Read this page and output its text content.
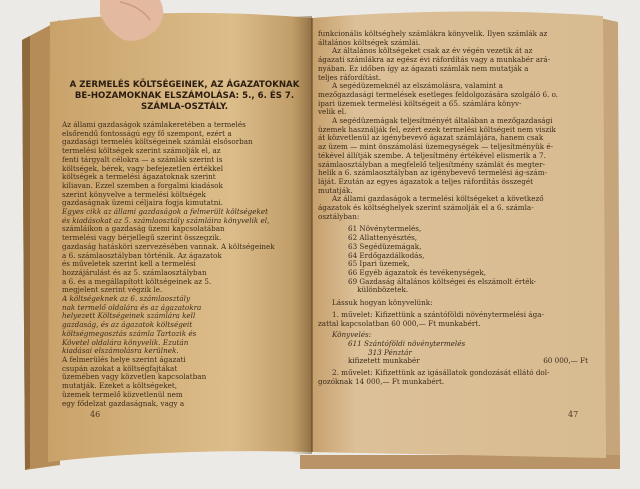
A ZERMELÉS KÖLTSÉGEINEK, AZ ÁGAZATOKNAK BE-HOZAMOKNAK ELSZÁMOLÁSA: 5., 6. ÉS 7. SZÁMLA-OSZTÁLY.
Az állami gazdaságok számlakeretében a termelés
elsőrendű fontosságú egy fő szempont, ezért a
gazdasági termelés költségeinek számlái elsősorban
termelési költségek szerint számolják el, az
fenti tárgyalt célokra — a számlák szerint is
költségek, bérek, vagy befejezetlen értékkel
költségek a termelési ágazatoknak szerint
kiliavan. Ezzel szemben a forgalmi kiadások
szerint könyvelve a termelési költségek
gazdaságnak üzemi céljaira fogja kimutatni.
Egyes cikk az állami gazdaságok a felmerült költségeket
és kiadásokat az 5. számlaosztály számláira könyvelik el,
számláikon a gazdaság üzemi kapcsolatában
termelési vagy bérjellegű szerint összegzik.
gazdaság hatásköri szervezésében vannak. A költségeinek
a 6. számlaosztályban történik. Az ágazatok
és műveletek szerint kell a termelési
hozzájárulást és az 5. számlaosztályban
a 6. és a megállapított költségeinek az 5.
megjelent szerint végzik le.
A költségeknek az 6. számlaosztály
nak termelő oldalára és az ágazatokra
helyezett Költségeinek számlára kell
gazdaság, és az ágazatok költségeit
költségmegosztás számla Tartozik és
Követel oldalára könyvelik. Ezután
kiadásai elszámolásra kerülnek.
A felmerülés helye szerint ágazati
csupán azokat a költségfajtákat
üzemében vagy közvetlen kapcsolatban
mutatják. Ezeket a költségeket,
üzemek termelő közvetlenül nem
egy fődelzat gazdaságnak, vagy a
46
funkcionális költséghely számlákra könyvelik. Ilyen számlák az
általános költségek számlái.
Az általános költségeket csak az év végén vezetik át az
ágazati számlákra az egész évi ráfordítás vagy a munkabér ará-
nyában. Ez időben így az ágazati számlák nem mutatják a
teljes ráfordítást.
A segédüzemeknél az elszámolásra, valamint a
mezőgazdasági termelések esetleges feldolgozására szolgáló 6. o.
ipari üzemek termelési költségeit a 65. számlára könyv-
velik el.
A segédüzemágak teljesítményét általában a mezőgazdasági
üzemek használják fel, ezért ezek termelési költségeit nem viszik
át közvetlenül az igénybevevő ágazat számlájára, hanem csak
az üzem — mint önszámolási üzemegységek — teljesítményük é-
tékével állítják szembe. A teljesítmény értékével elismerik a 7.
számlaosztályban a megfelelő teljesítmény számlát és megter-
helik a 6. számlaosztályban az igénybevevő termelési ág-szám-
láját. Ezután az egyes ágazatok a teljes ráfordítás összegét
mutatják.
Az állami gazdaságok a termelési költségeket a következő
ágazatok és költséghelyek szerint számolják el a 6. számla-
osztályban:
61 Növénytermelés,
62 Állattenyésztés,
63 Segédüzemágak,
64 Erdőgazdálkodás,
65 Ipari üzemek,
66 Egyéb ágazatok és tevékenységek,
69 Gazdaság általános költségei és elszámolt érték-
különbözetek.
Lássuk hogyan könyvelünk:
1. művelet: Kifizettünk a szántóföldi növénytermelési ága-
zattal kapcsolatban 60 000,— Ft munkabért.
Könyvelés:
611 Szántóföldi növénytermelés
313 Pénztár
kifizetett munkabér	60 000,— Ft
2. művelet: Kifizettünk az igásállatok gondozását ellátó dol-
gozóknak 14 000,— Ft munkabért.
47
